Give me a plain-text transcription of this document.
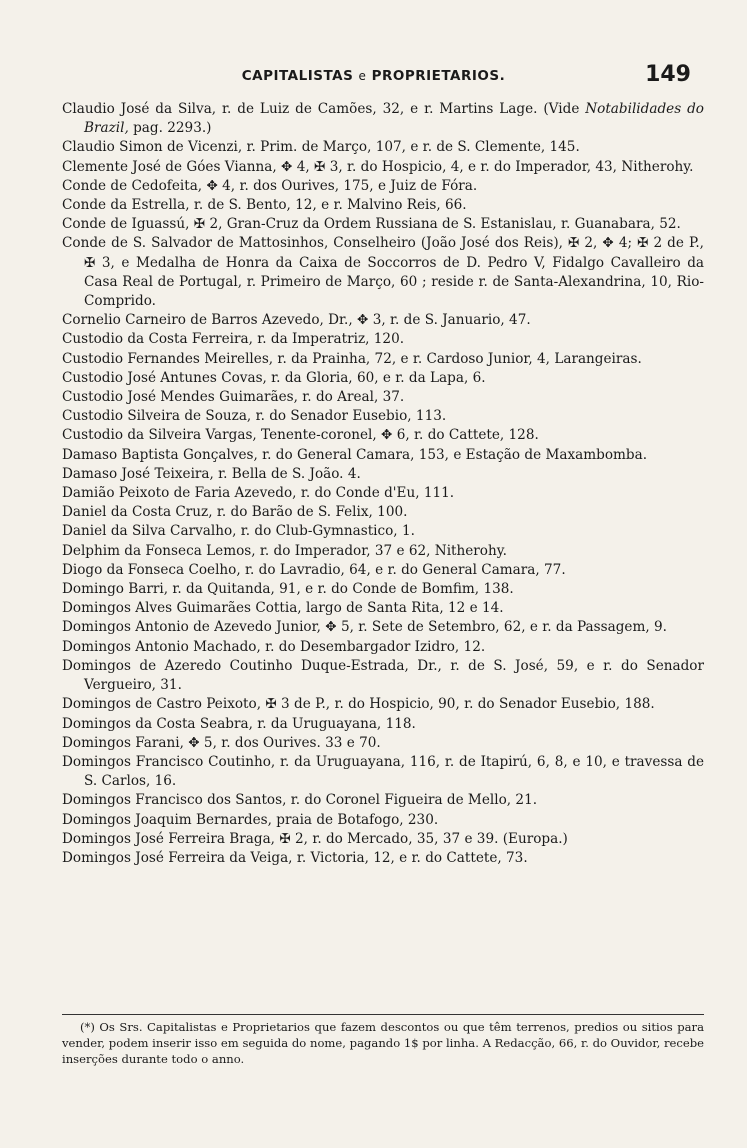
CAPITALISTAS e PROPRIETARIOS.	149

Claudio José da Silva, r. de Luiz de Camões, 32, e r. Martins Lage. (Vide Notabilidades do Brazil, pag. 2293.)

Claudio Simon de Vicenzi, r. Prim. de Março, 107, e r. de S. Clemente, 145.

Clemente José de Góes Vianna, ✥ 4, ✠ 3, r. do Hospicio, 4, e r. do Imperador, 43, Nitherohy.

Conde de Cedofeita, ✥ 4, r. dos Ourives, 175, e Juiz de Fóra.

Conde da Estrella, r. de S. Bento, 12, e r. Malvino Reis, 66.

Conde de Iguassú, ✠ 2, Gran-Cruz da Ordem Russiana de S. Estanislau, r. Guanabara, 52.

Conde de S. Salvador de Mattosinhos, Conselheiro (João José dos Reis), ✠ 2, ✥ 4; ✠ 2 de P., ✠ 3, e Medalha de Honra da Caixa de Soccorros de D. Pedro V, Fidalgo Cavalleiro da Casa Real de Portugal, r. Primeiro de Março, 60 ; reside r. de Santa-Alexandrina, 10, Rio-Comprido.

Cornelio Carneiro de Barros Azevedo, Dr., ✥ 3, r. de S. Januario, 47.

Custodio da Costa Ferreira, r. da Imperatriz, 120.

Custodio Fernandes Meirelles, r. da Prainha, 72, e r. Cardoso Junior, 4, Larangeiras.

Custodio José Antunes Covas, r. da Gloria, 60, e r. da Lapa, 6.

Custodio José Mendes Guimarães, r. do Areal, 37.

Custodio Silveira de Souza, r. do Senador Eusebio, 113.

Custodio da Silveira Vargas, Tenente-coronel, ✥ 6, r. do Cattete, 128.

Damaso Baptista Gonçalves, r. do General Camara, 153, e Estação de Maxambomba.

Damaso José Teixeira, r. Bella de S. João. 4.

Damião Peixoto de Faria Azevedo, r. do Conde d'Eu, 111.

Daniel da Costa Cruz, r. do Barão de S. Felix, 100.

Daniel da Silva Carvalho, r. do Club-Gymnastico, 1.

Delphim da Fonseca Lemos, r. do Imperador, 37 e 62, Nitherohy.

Diogo da Fonseca Coelho, r. do Lavradio, 64, e r. do General Camara, 77.

Domingo Barri, r. da Quitanda, 91, e r. do Conde de Bomfim, 138.

Domingos Alves Guimarães Cottia, largo de Santa Rita, 12 e 14.

Domingos Antonio de Azevedo Junior, ✥ 5, r. Sete de Setembro, 62, e r. da Passagem, 9.

Domingos Antonio Machado, r. do Desembargador Izidro, 12.

Domingos de Azeredo Coutinho Duque-Estrada, Dr., r. de S. José, 59, e r. do Senador Vergueiro, 31.

Domingos de Castro Peixoto, ✠ 3 de P., r. do Hospicio, 90, r. do Senador Eusebio, 188.

Domingos da Costa Seabra, r. da Uruguayana, 118.

Domingos Farani, ✥ 5, r. dos Ourives. 33 e 70.

Domingos Francisco Coutinho, r. da Uruguayana, 116, r. de Itapirú, 6, 8, e 10, e travessa de S. Carlos, 16.

Domingos Francisco dos Santos, r. do Coronel Figueira de Mello, 21.

Domingos Joaquim Bernardes, praia de Botafogo, 230.

Domingos José Ferreira Braga, ✠ 2, r. do Mercado, 35, 37 e 39. (Europa.)

Domingos José Ferreira da Veiga, r. Victoria, 12, e r. do Cattete, 73.

(*) Os Srs. Capitalistas e Proprietarios que fazem descontos ou que têm terrenos, predios ou sitios para vender, podem inserir isso em seguida do nome, pagando 1$ por linha. A Redacção, 66, r. do Ouvidor, recebe inserções durante todo o anno.
